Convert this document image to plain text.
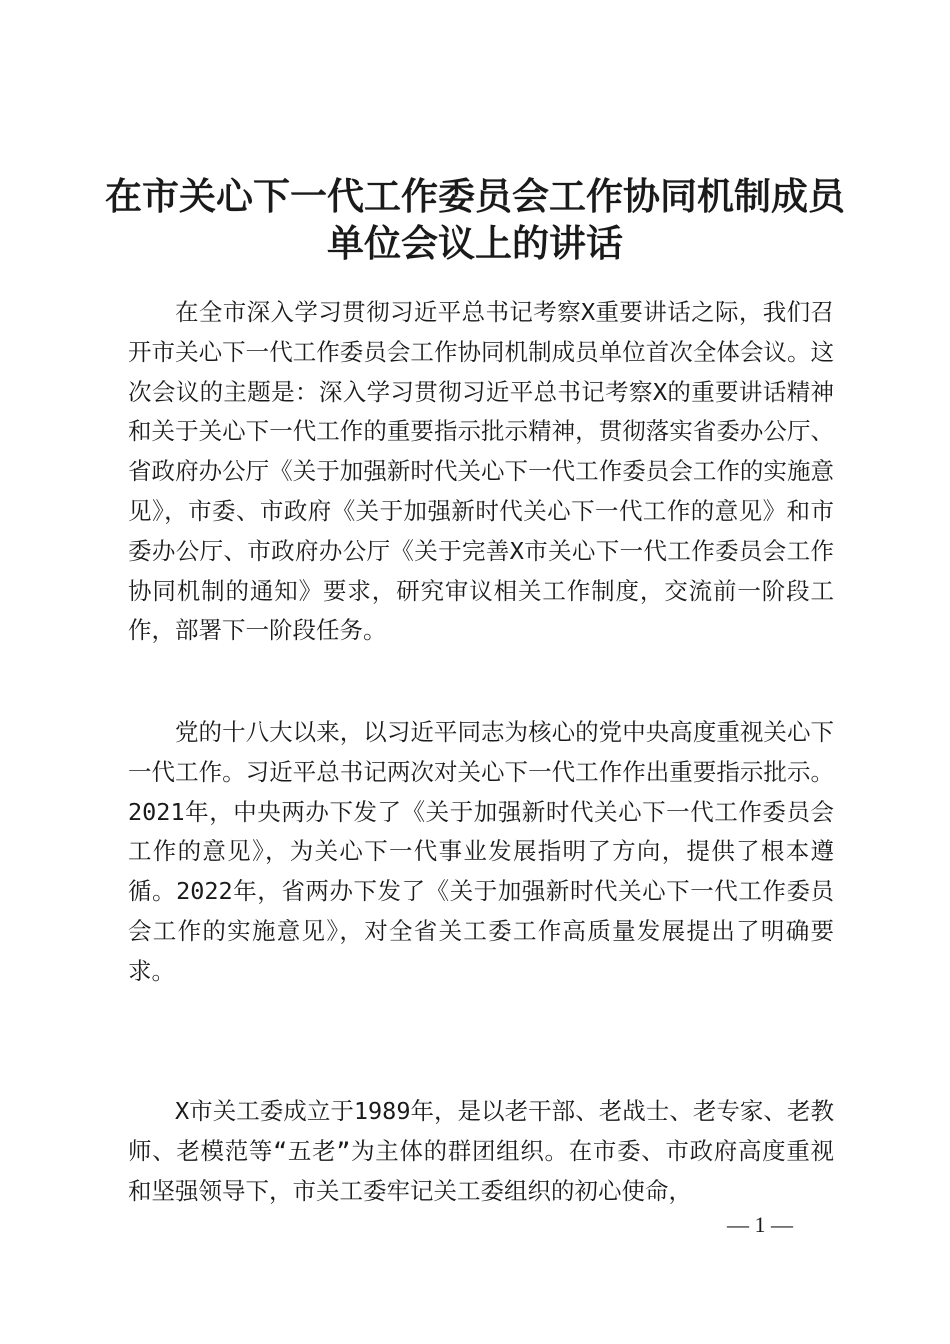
在市关心下一代工作委员会工作协同机制成员
单位会议上的讲话

在全市深入学习贯彻习近平总书记考察X重要讲话之际，我们召开市关心下一代工作委员会工作协同机制成员单位首次全体会议。这次会议的主题是：深入学习贯彻习近平总书记考察X的重要讲话精神和关于关心下一代工作的重要指示批示精神，贯彻落实省委办公厅、省政府办公厅《关于加强新时代关心下一代工作委员会工作的实施意见》，市委、市政府《关于加强新时代关心下一代工作的意见》和市委办公厅、市政府办公厅《关于完善X市关心下一代工作委员会工作协同机制的通知》要求，研究审议相关工作制度，交流前一阶段工作，部署下一阶段任务。

党的十八大以来，以习近平同志为核心的党中央高度重视关心下一代工作。习近平总书记两次对关心下一代工作作出重要指示批示。2021年，中央两办下发了《关于加强新时代关心下一代工作委员会工作的意见》，为关心下一代事业发展指明了方向，提供了根本遵循。2022年，省两办下发了《关于加强新时代关心下一代工作委员会工作的实施意见》，对全省关工委工作高质量发展提出了明确要求。

X市关工委成立于1989年，是以老干部、老战士、老专家、老教师、老模范等“五老”为主体的群团组织。在市委、市政府高度重视和坚强领导下，市关工委牢记关工委组织的初心使命，

— 1 —
